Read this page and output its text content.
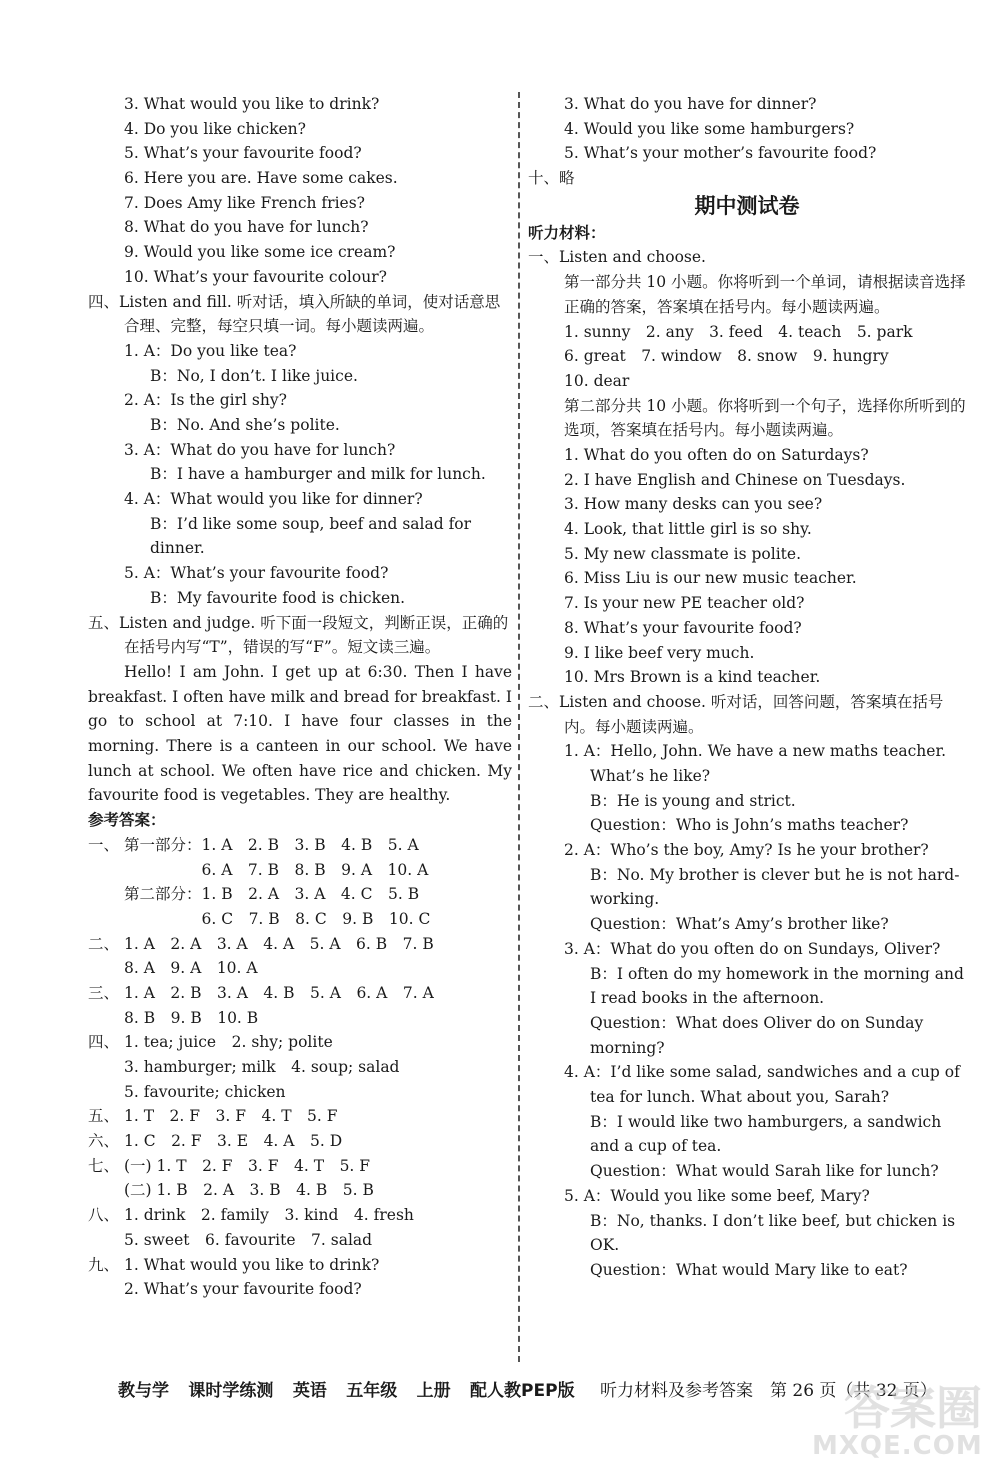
3. What would you like to drink?
4. Do you like chicken?
5. What’s your favourite food?
6. Here you are. Have some cakes.
7. Does Amy like French fries?
8. What do you have for lunch?
9. Would you like some ice cream?
10. What’s your favourite colour?
四、Listen and fill. 听对话，填入所缺的单词，使对话意思合理、完整，每空只填一词。每小题读两遍。
1. A：Do you like tea?
B：No, I don’t. I like juice.
2. A：Is the girl shy?
B：No. And she’s polite.
3. A：What do you have for lunch?
B：I have a hamburger and milk for lunch.
4. A：What would you like for dinner?
B：I’d like some soup, beef and salad for dinner.
5. A：What’s your favourite food?
B：My favourite food is chicken.
五、Listen and judge. 听下面一段短文，判断正误，正确的在括号内写“T”，错误的写“F”。短文读三遍。
Hello! I am John. I get up at 6:30. Then I have breakfast. I often have milk and bread for breakfast. I go to school at 7:10. I have four classes in the morning. There is a canteen in our school. We have lunch at school. We often have rice and chicken. My favourite food is vegetables. They are healthy.
参考答案：
一、 第一部分：1. A　2. B　3. B　4. B　5. A
　　　　　6. A　7. B　8. B　9. A　10. A
第二部分：1. B　2. A　3. A　4. C　5. B
　　　　　6. C　7. B　8. C　9. B　10. C
二、 1. A　2. A　3. A　4. A　5. A　6. B　7. B
8. A　9. A　10. A
三、 1. A　2. B　3. A　4. B　5. A　6. A　7. A
8. B　9. B　10. B
四、 1. tea; juice　2. shy; polite
3. hamburger; milk　4. soup; salad
5. favourite; chicken
五、 1. T　2. F　3. F　4. T　5. F
六、 1. C　2. F　3. E　4. A　5. D
七、 (一) 1. T　2. F　3. F　4. T　5. F
(二) 1. B　2. A　3. B　4. B　5. B
八、 1. drink　2. family　3. kind　4. fresh
5. sweet　6. favourite　7. salad
九、 1. What would you like to drink?
2. What’s your favourite food?
3. What do you have for dinner?
4. Would you like some hamburgers?
5. What’s your mother’s favourite food?
十、略
期中测试卷
听力材料：
一、Listen and choose.
第一部分共 10 小题。你将听到一个单词，请根据读音选择正确的答案，答案填在括号内。每小题读两遍。
1. sunny　2. any　3. feed　4. teach　5. park
6. great　7. window　8. snow　9. hungry
10. dear
第二部分共 10 小题。你将听到一个句子，选择你所听到的选项，答案填在括号内。每小题读两遍。
1. What do you often do on Saturdays?
2. I have English and Chinese on Tuesdays.
3. How many desks can you see?
4. Look, that little girl is so shy.
5. My new classmate is polite.
6. Miss Liu is our new music teacher.
7. Is your new PE teacher old?
8. What’s your favourite food?
9. I like beef very much.
10. Mrs Brown is a kind teacher.
二、Listen and choose. 听对话，回答问题，答案填在括号内。每小题读两遍。
1. A：Hello, John. We have a new maths teacher. What’s he like?
B：He is young and strict.
Question：Who is John’s maths teacher?
2. A：Who’s the boy, Amy? Is he your brother?
B：No. My brother is clever but he is not hard-working.
Question：What’s Amy’s brother like?
3. A：What do you often do on Sundays, Oliver?
B：I often do my homework in the morning and I read books in the afternoon.
Question：What does Oliver do on Sunday morning?
4. A：I’d like some salad, sandwiches and a cup of tea for lunch. What about you, Sarah?
B：I would like two hamburgers, a sandwich and a cup of tea.
Question：What would Sarah like for lunch?
5. A：Would you like some beef, Mary?
B：No, thanks. I don’t like beef, but chicken is OK.
Question：What would Mary like to eat?
教与学 课时学练测 英语 五年级 上册 配人教PEP版 听力材料及参考答案　第 26 页（共 32 页）
答案圈
MXQE.COM
